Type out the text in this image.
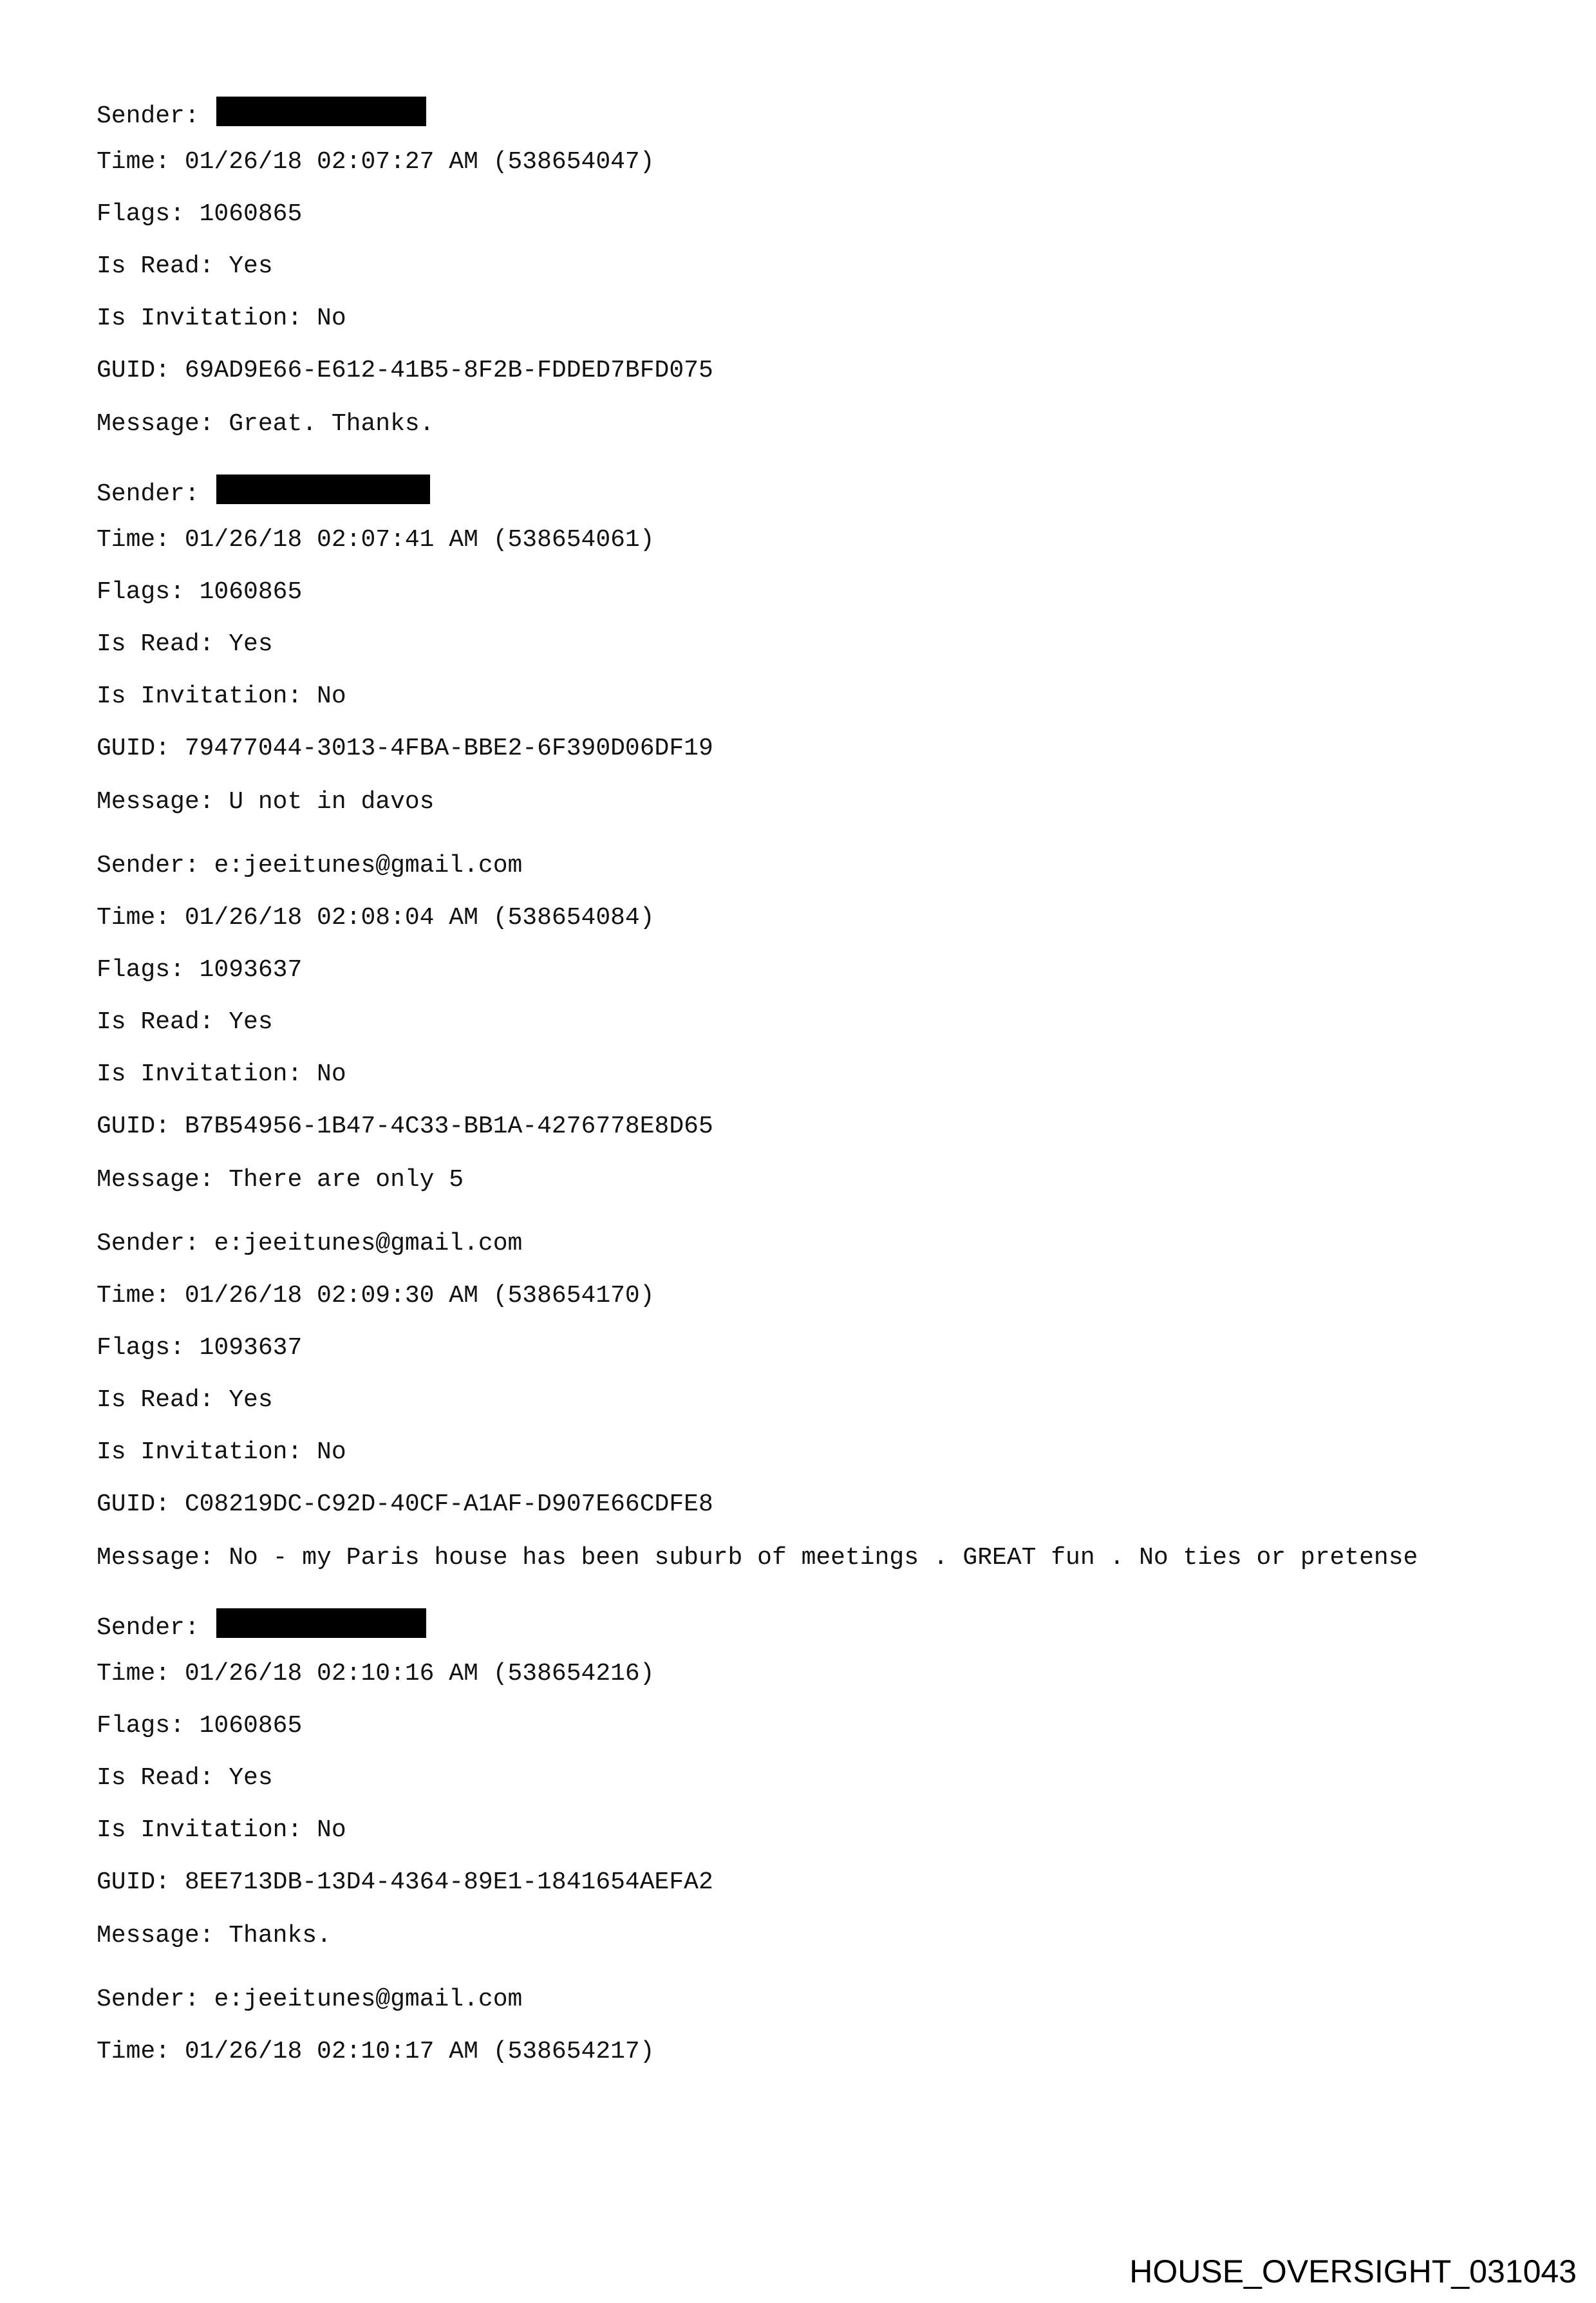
Sender:
Time: 01/26/18 02:07:27 AM (538654047)
Flags: 1060865
Is Read: Yes
Is Invitation: No
GUID: 69AD9E66-E612-41B5-8F2B-FDDED7BFD075
Message: Great. Thanks.
Sender:
Time: 01/26/18 02:07:41 AM (538654061)
Flags: 1060865
Is Read: Yes
Is Invitation: No
GUID: 79477044-3013-4FBA-BBE2-6F390D06DF19
Message: U not in davos
Sender: e:jeeitunes@gmail.com
Time: 01/26/18 02:08:04 AM (538654084)
Flags: 1093637
Is Read: Yes
Is Invitation: No
GUID: B7B54956-1B47-4C33-BB1A-4276778E8D65
Message: There are only 5
Sender: e:jeeitunes@gmail.com
Time: 01/26/18 02:09:30 AM (538654170)
Flags: 1093637
Is Read: Yes
Is Invitation: No
GUID: C08219DC-C92D-40CF-A1AF-D907E66CDFE8
Message: No - my Paris house has been suburb of meetings . GREAT fun . No ties or pretense
Sender:
Time: 01/26/18 02:10:16 AM (538654216)
Flags: 1060865
Is Read: Yes
Is Invitation: No
GUID: 8EE713DB-13D4-4364-89E1-1841654AEFA2
Message: Thanks.
Sender: e:jeeitunes@gmail.com
Time: 01/26/18 02:10:17 AM (538654217)
HOUSE_OVERSIGHT_031043
